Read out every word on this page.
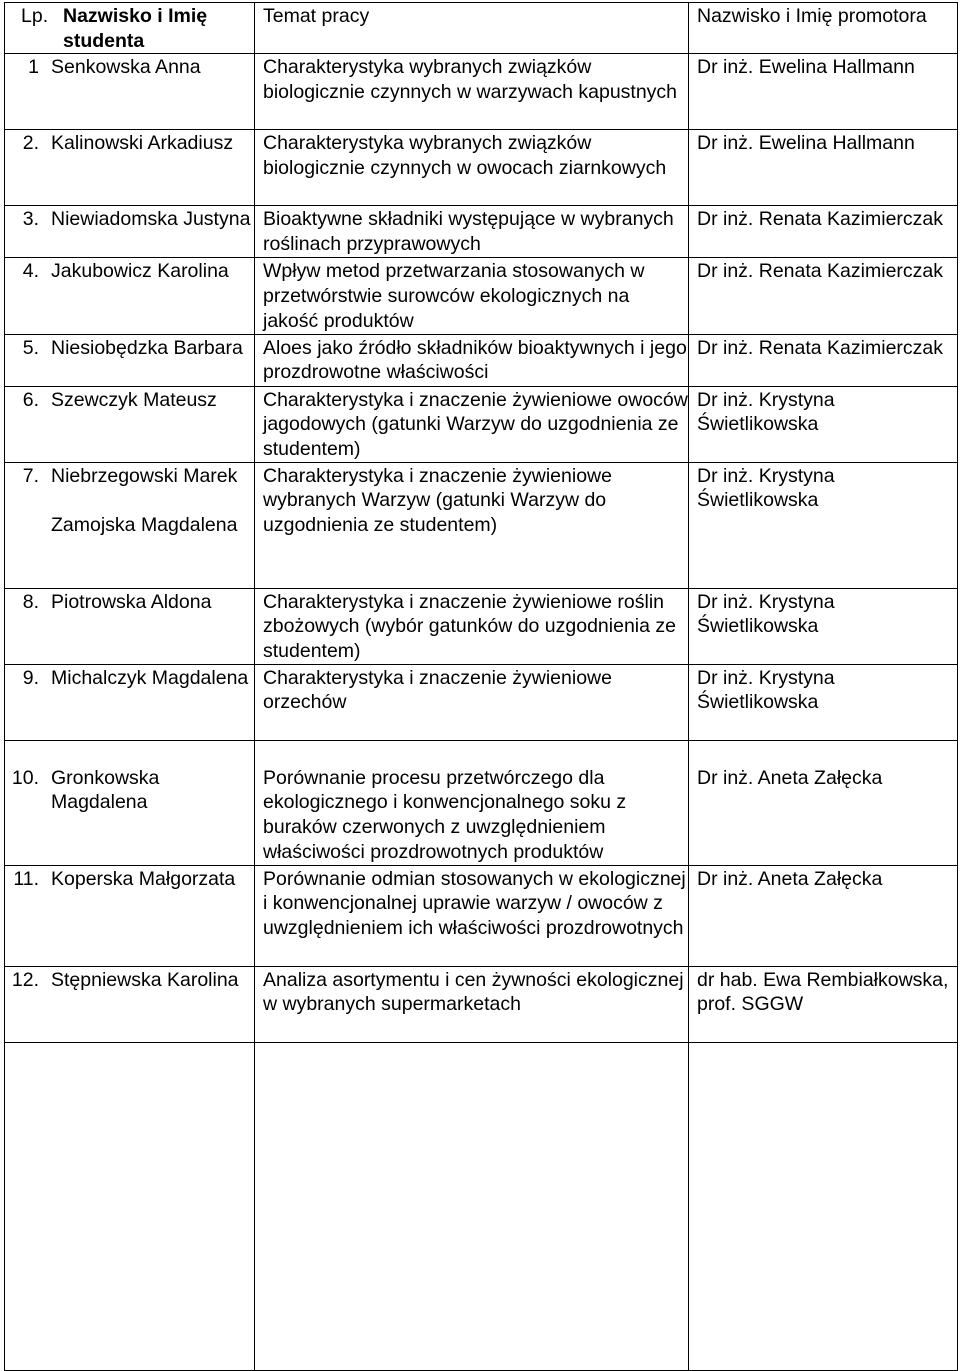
Lp. Nazwisko i Imię studenta	Temat pracy	Nazwisko i Imię promotora

1 Senkowska Anna	Charakterystyka wybranych związków biologicznie czynnych w warzywach kapustnych	Dr inż. Ewelina Hallmann

2. Kalinowski Arkadiusz	Charakterystyka wybranych związków biologicznie czynnych w owocach ziarnkowych	Dr inż. Ewelina Hallmann

3. Niewiadomska Justyna	Bioaktywne składniki występujące w wybranych roślinach przyprawowych	Dr inż. Renata Kazimierczak

4. Jakubowicz Karolina	Wpływ metod przetwarzania stosowanych w przetwórstwie surowców ekologicznych na jakość produktów	Dr inż. Renata Kazimierczak

5. Niesiobędzka Barbara	Aloes jako źródło składników bioaktywnych i jego prozdrowotne właściwości	Dr inż. Renata Kazimierczak

6. Szewczyk Mateusz	Charakterystyka i znaczenie żywieniowe owoców jagodowych (gatunki Warzyw do uzgodnienia ze studentem)	Dr inż. Krystyna Świetlikowska

7. Niebrzegowski Marek
Zamojska Magdalena	Charakterystyka i znaczenie żywieniowe wybranych Warzyw (gatunki Warzyw do uzgodnienia ze studentem)	Dr inż. Krystyna Świetlikowska

8. Piotrowska Aldona	Charakterystyka i znaczenie żywieniowe roślin zbożowych (wybór gatunków do uzgodnienia ze studentem)	Dr inż. Krystyna Świetlikowska

9. Michalczyk Magdalena	Charakterystyka i znaczenie żywieniowe orzechów	Dr inż. Krystyna Świetlikowska

10. Gronkowska Magdalena	Porównanie procesu przetwórczego dla ekologicznego i konwencjonalnego soku z buraków czerwonych z uwzględnieniem właściwości prozdrowotnych produktów	Dr inż. Aneta Załęcka

11. Koperska Małgorzata	Porównanie odmian stosowanych w ekologicznej i konwencjonalnej uprawie warzyw / owoców z uwzględnieniem ich właściwości prozdrowotnych	Dr inż. Aneta Załęcka

12. Stępniewska Karolina	Analiza asortymentu i cen żywności ekologicznej w wybranych supermarketach	dr hab. Ewa Rembiałkowska, prof. SGGW
